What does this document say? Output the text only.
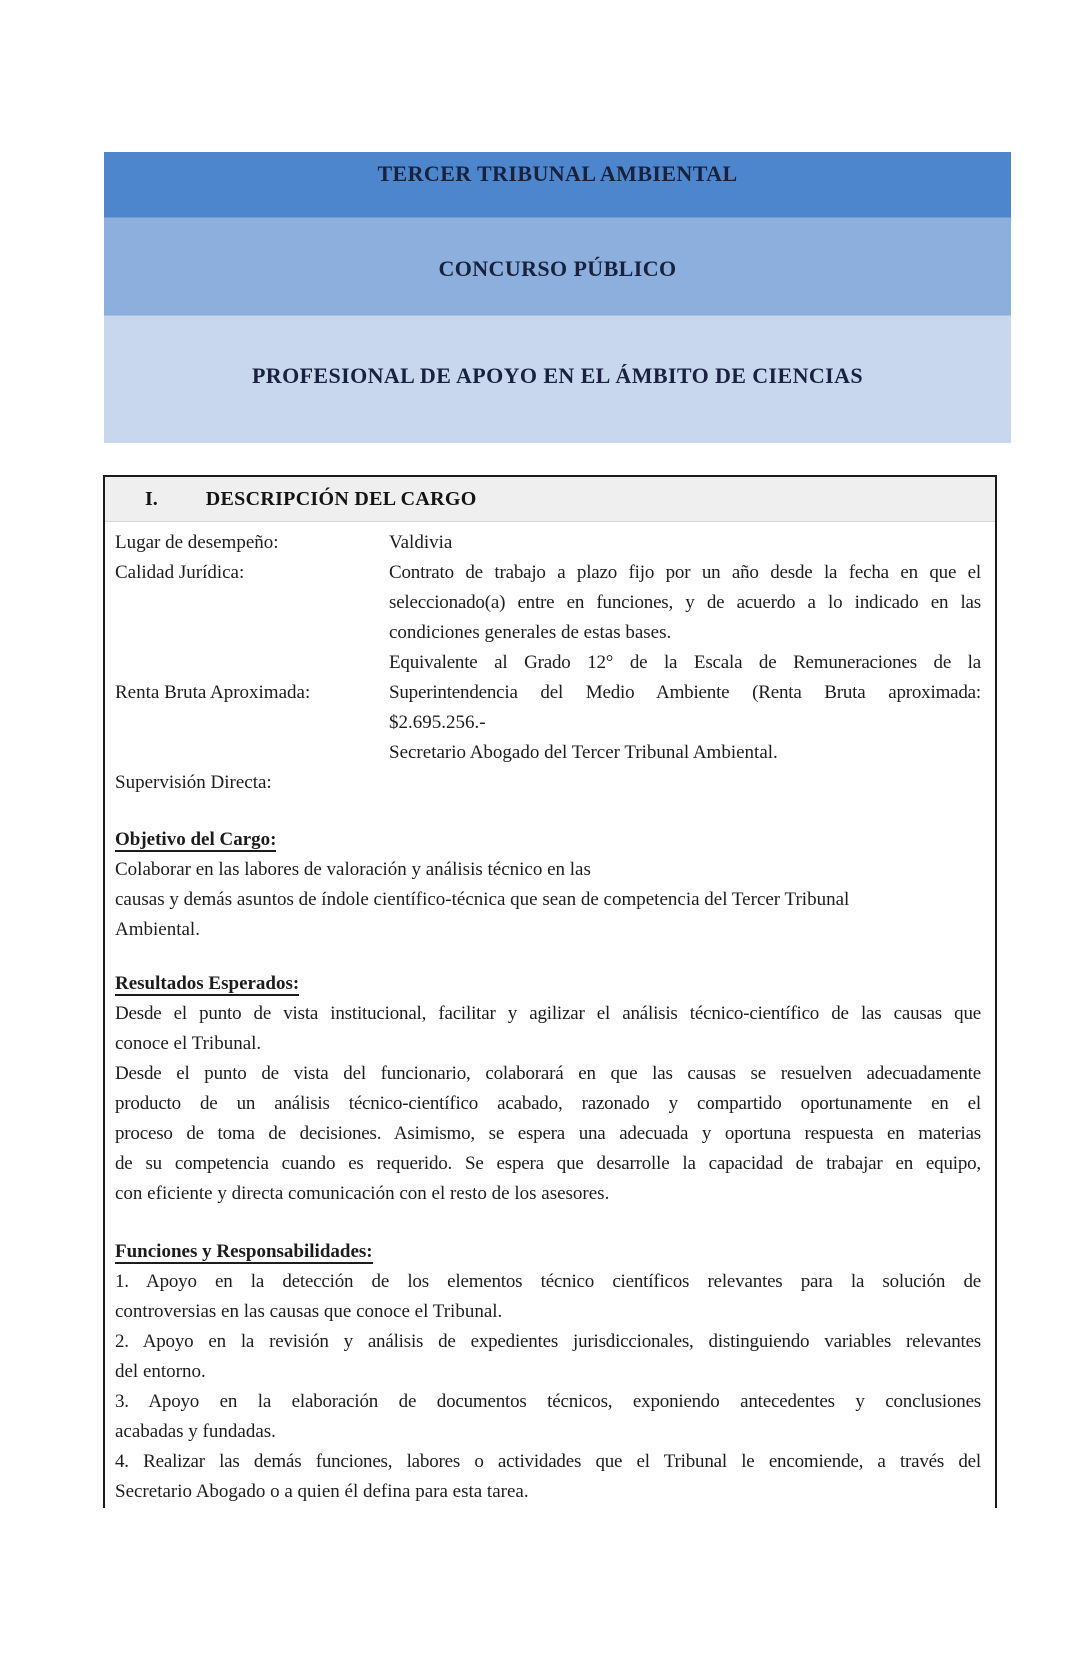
TERCER TRIBUNAL AMBIENTAL
CONCURSO PÚBLICO
PROFESIONAL DE APOYO EN EL ÁMBITO DE CIENCIAS
I. DESCRIPCIÓN DEL CARGO
Lugar de desempeño:	Valdivia
Calidad Jurídica:	Contrato de trabajo a plazo fijo por un año desde la fecha en que el
seleccionado(a) entre en funciones, y de acuerdo a lo indicado en las
condiciones generales de estas bases.
Renta Bruta Aproximada:
Equivalente al Grado 12° de la Escala de Remuneraciones de la
Superintendencia del Medio Ambiente (Renta Bruta aproximada:
$2.695.256.-
Secretario Abogado del Tercer Tribunal Ambiental.
Supervisión Directa:
Objetivo del Cargo:
Colaborar en las labores de valoración y análisis técnico en las
causas y demás asuntos de índole científico-técnica que sean de competencia del Tercer Tribunal
Ambiental.
Resultados Esperados:
Desde el punto de vista institucional, facilitar y agilizar el análisis técnico-científico de las causas que
conoce el Tribunal.
Desde el punto de vista del funcionario, colaborará en que las causas se resuelven adecuadamente
producto de un análisis técnico-científico acabado, razonado y compartido oportunamente en el
proceso de toma de decisiones. Asimismo, se espera una adecuada y oportuna respuesta en materias
de su competencia cuando es requerido. Se espera que desarrolle la capacidad de trabajar en equipo,
con eficiente y directa comunicación con el resto de los asesores.
Funciones y Responsabilidades:
1. Apoyo en la detección de los elementos técnico científicos relevantes para la solución de
controversias en las causas que conoce el Tribunal.
2. Apoyo en la revisión y análisis de expedientes jurisdiccionales, distinguiendo variables relevantes
del entorno.
3. Apoyo en la elaboración de documentos técnicos, exponiendo antecedentes y conclusiones
acabadas y fundadas.
4. Realizar las demás funciones, labores o actividades que el Tribunal le encomiende, a través del
Secretario Abogado o a quien él defina para esta tarea.
